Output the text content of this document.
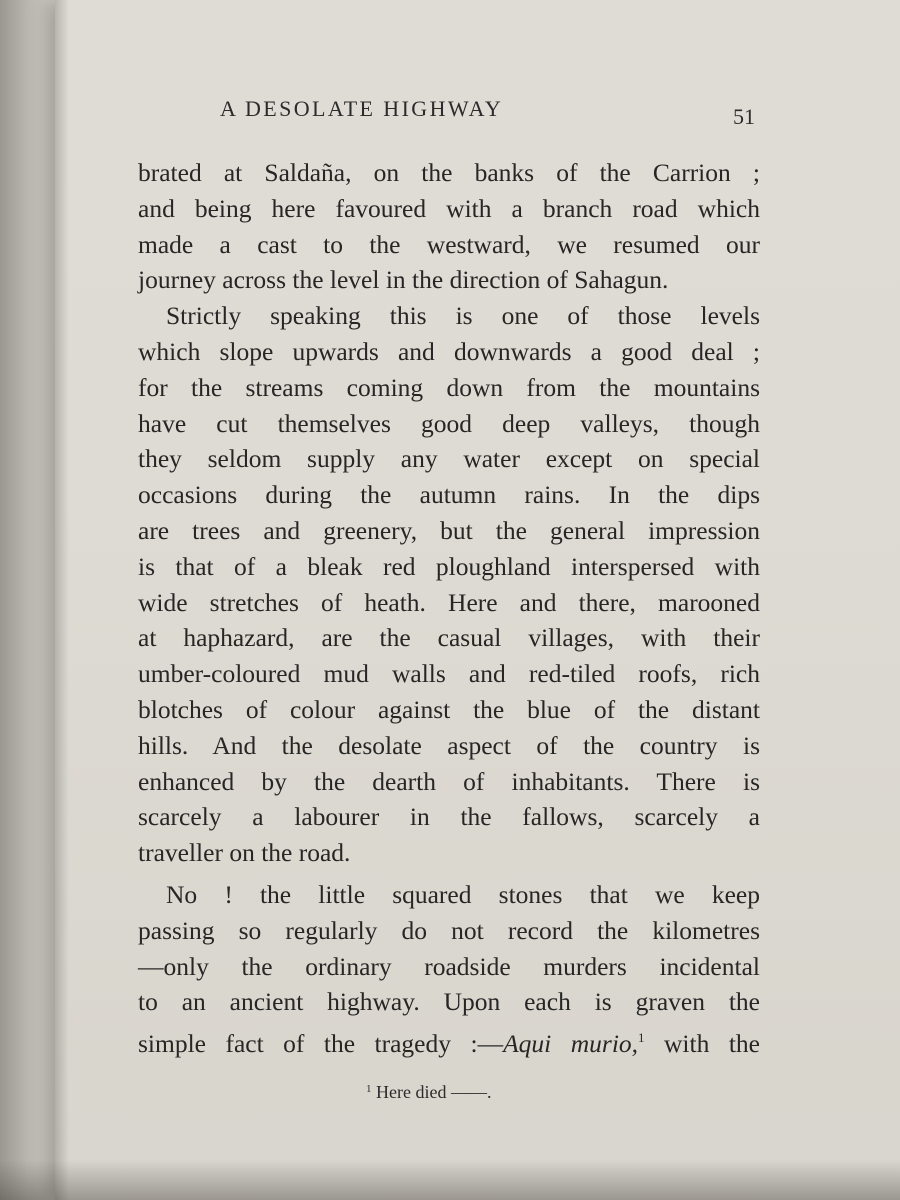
A DESOLATE HIGHWAY	51
brated at Saldaña, on the banks of the Carrion ;
and being here favoured with a branch road which
made a cast to the westward, we resumed our
journey across the level in the direction of Sahagun.
Strictly speaking this is one of those levels
which slope upwards and downwards a good deal ;
for the streams coming down from the mountains
have cut themselves good deep valleys, though
they seldom supply any water except on special
occasions during the autumn rains. In the dips
are trees and greenery, but the general impression
is that of a bleak red ploughland interspersed with
wide stretches of heath. Here and there, marooned
at haphazard, are the casual villages, with their
umber-coloured mud walls and red-tiled roofs, rich
blotches of colour against the blue of the distant
hills. And the desolate aspect of the country is
enhanced by the dearth of inhabitants. There is
scarcely a labourer in the fallows, scarcely a
traveller on the road.
No ! the little squared stones that we keep
passing so regularly do not record the kilometres
—only the ordinary roadside murders incidental
to an ancient highway. Upon each is graven the
simple fact of the tragedy :—Aqui murio,$^1$ with the
$^1$ Here died ——.
